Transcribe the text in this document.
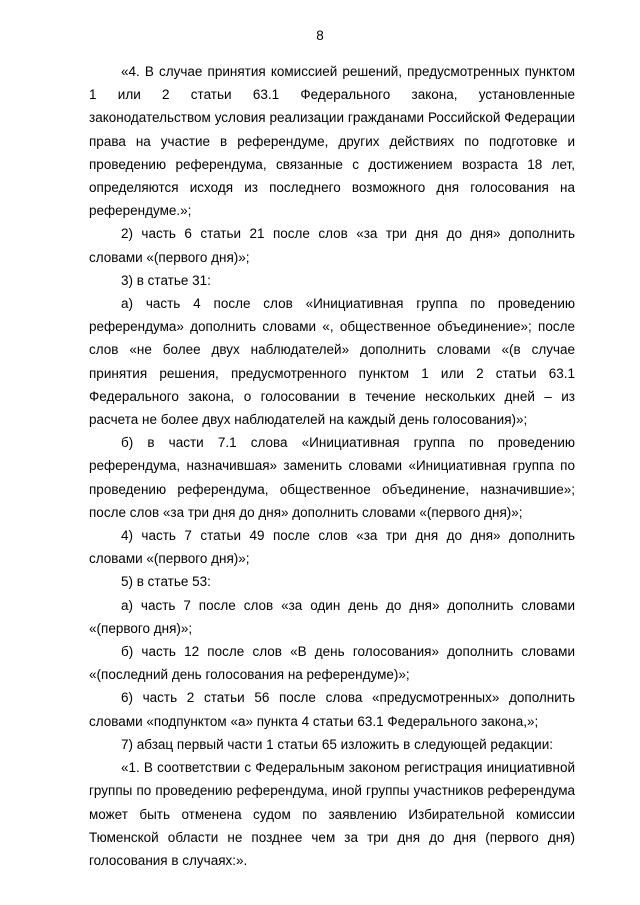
8

«4. В случае принятия комиссией решений, предусмотренных пунктом 1 или 2 статьи 63.1 Федерального закона, установленные законодательством условия реализации гражданами Российской Федерации права на участие в референдуме, других действиях по подготовке и проведению референдума, связанные с достижением возраста 18 лет, определяются исходя из последнего возможного дня голосования на референдуме.»;

2) часть 6 статьи 21 после слов «за три дня до дня» дополнить словами «(первого дня)»;

3) в статье 31:

а) часть 4 после слов «Инициативная группа по проведению референдума» дополнить словами «, общественное объединение»; после слов «не более двух наблюдателей» дополнить словами «(в случае принятия решения, предусмотренного пунктом 1 или 2 статьи 63.1 Федерального закона, о голосовании в течение нескольких дней – из расчета не более двух наблюдателей на каждый день голосования)»;

б) в части 7.1 слова «Инициативная группа по проведению референдума, назначившая» заменить словами «Инициативная группа по проведению референдума, общественное объединение, назначившие»; после слов «за три дня до дня» дополнить словами «(первого дня)»;

4) часть 7 статьи 49 после слов «за три дня до дня» дополнить словами «(первого дня)»;

5) в статье 53:

а) часть 7 после слов «за один день до дня» дополнить словами «(первого дня)»;

б) часть 12 после слов «В день голосования» дополнить словами «(последний день голосования на референдуме)»;

6) часть 2 статьи 56 после слова «предусмотренных» дополнить словами «подпунктом «а» пункта 4 статьи 63.1 Федерального закона,»;

7) абзац первый части 1 статьи 65 изложить в следующей редакции:

«1. В соответствии с Федеральным законом регистрация инициативной группы по проведению референдума, иной группы участников референдума может быть отменена судом по заявлению Избирательной комиссии Тюменской области не позднее чем за три дня до дня (первого дня) голосования в случаях:».
